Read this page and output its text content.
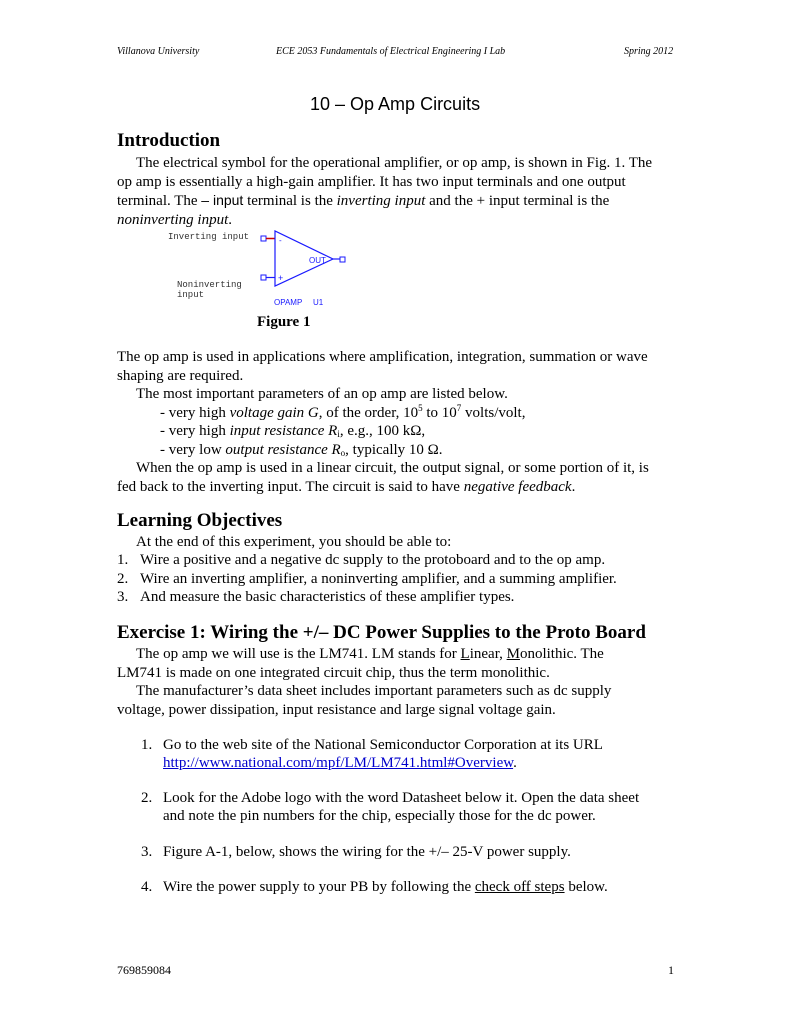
Villanova University	ECE 2053 Fundamentals of Electrical Engineering I Lab	Spring 2012
10 – Op Amp Circuits
Introduction
The electrical symbol for the operational amplifier, or op amp, is shown in Fig. 1. The
op amp is essentially a high-gain amplifier. It has two input terminals and one output
terminal. The – input terminal is the inverting input and the + input terminal is the
noninverting input.
Inverting input
Noninverting
input
-
+
OUT
OPAMP U1
Figure 1
The op amp is used in applications where amplification, integration, summation or wave
shaping are required.
The most important parameters of an op amp are listed below.
- very high voltage gain G, of the order, $10^5$ to $10^7$ volts/volt,
- very high input resistance $R_i$, e.g., 100 kΩ,
- very low output resistance $R_o$, typically 10 Ω.
When the op amp is used in a linear circuit, the output signal, or some portion of it, is
fed back to the inverting input. The circuit is said to have negative feedback.
Learning Objectives
At the end of this experiment, you should be able to:
1. Wire a positive and a negative dc supply to the protoboard and to the op amp.
2. Wire an inverting amplifier, a noninverting amplifier, and a summing amplifier.
3. And measure the basic characteristics of these amplifier types.
Exercise 1: Wiring the +/– DC Power Supplies to the Proto Board
The op amp we will use is the LM741. LM stands for Linear, Monolithic. The
LM741 is made on one integrated circuit chip, thus the term monolithic.
The manufacturer’s data sheet includes important parameters such as dc supply
voltage, power dissipation, input resistance and large signal voltage gain.
1. Go to the web site of the National Semiconductor Corporation at its URL
http://www.national.com/mpf/LM/LM741.html#Overview.
2. Look for the Adobe logo with the word Datasheet below it. Open the data sheet
and note the pin numbers for the chip, especially those for the dc power.
3. Figure A-1, below, shows the wiring for the +/– 25-V power supply.
4. Wire the power supply to your PB by following the check off steps below.
769859084	1
